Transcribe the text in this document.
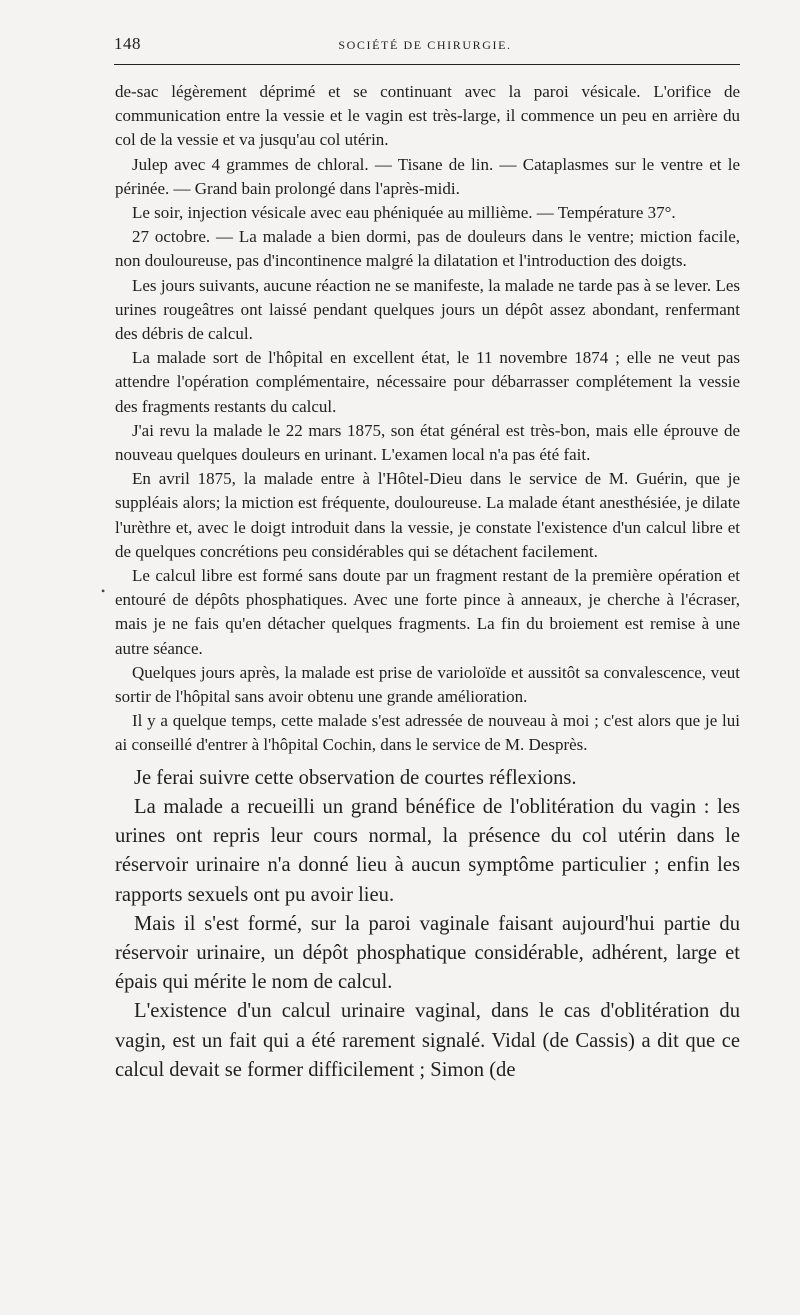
148	SOCIÉTÉ DE CHIRURGIE.
•

de-sac légèrement déprimé et se continuant avec la paroi vésicale. L'orifice de communication entre la vessie et le vagin est très-large, il commence un peu en arrière du col de la vessie et va jusqu'au col utérin.

Julep avec 4 grammes de chloral. — Tisane de lin. — Cataplasmes sur le ventre et le périnée. — Grand bain prolongé dans l'après-midi.

Le soir, injection vésicale avec eau phéniquée au millième. — Température 37°.

27 octobre. — La malade a bien dormi, pas de douleurs dans le ventre; miction facile, non douloureuse, pas d'incontinence malgré la dilatation et l'introduction des doigts.

Les jours suivants, aucune réaction ne se manifeste, la malade ne tarde pas à se lever. Les urines rougeâtres ont laissé pendant quelques jours un dépôt assez abondant, renfermant des débris de calcul.

La malade sort de l'hôpital en excellent état, le 11 novembre 1874 ; elle ne veut pas attendre l'opération complémentaire, nécessaire pour débarrasser complétement la vessie des fragments restants du calcul.

J'ai revu la malade le 22 mars 1875, son état général est très-bon, mais elle éprouve de nouveau quelques douleurs en urinant. L'examen local n'a pas été fait.

En avril 1875, la malade entre à l'Hôtel-Dieu dans le service de M. Guérin, que je suppléais alors; la miction est fréquente, douloureuse. La malade étant anesthésiée, je dilate l'urèthre et, avec le doigt introduit dans la vessie, je constate l'existence d'un calcul libre et de quelques concrétions peu considérables qui se détachent facilement.

Le calcul libre est formé sans doute par un fragment restant de la première opération et entouré de dépôts phosphatiques. Avec une forte pince à anneaux, je cherche à l'écraser, mais je ne fais qu'en détacher quelques fragments. La fin du broiement est remise à une autre séance.

Quelques jours après, la malade est prise de varioloïde et aussitôt sa convalescence, veut sortir de l'hôpital sans avoir obtenu une grande amélioration.

Il y a quelque temps, cette malade s'est adressée de nouveau à moi ; c'est alors que je lui ai conseillé d'entrer à l'hôpital Cochin, dans le service de M. Desprès.

Je ferai suivre cette observation de courtes réflexions.

La malade a recueilli un grand bénéfice de l'oblitération du vagin : les urines ont repris leur cours normal, la présence du col utérin dans le réservoir urinaire n'a donné lieu à aucun symptôme particulier ; enfin les rapports sexuels ont pu avoir lieu.

Mais il s'est formé, sur la paroi vaginale faisant aujourd'hui partie du réservoir urinaire, un dépôt phosphatique considérable, adhérent, large et épais qui mérite le nom de calcul.

L'existence d'un calcul urinaire vaginal, dans le cas d'oblitération du vagin, est un fait qui a été rarement signalé. Vidal (de Cassis) a dit que ce calcul devait se former difficilement ; Simon (de
